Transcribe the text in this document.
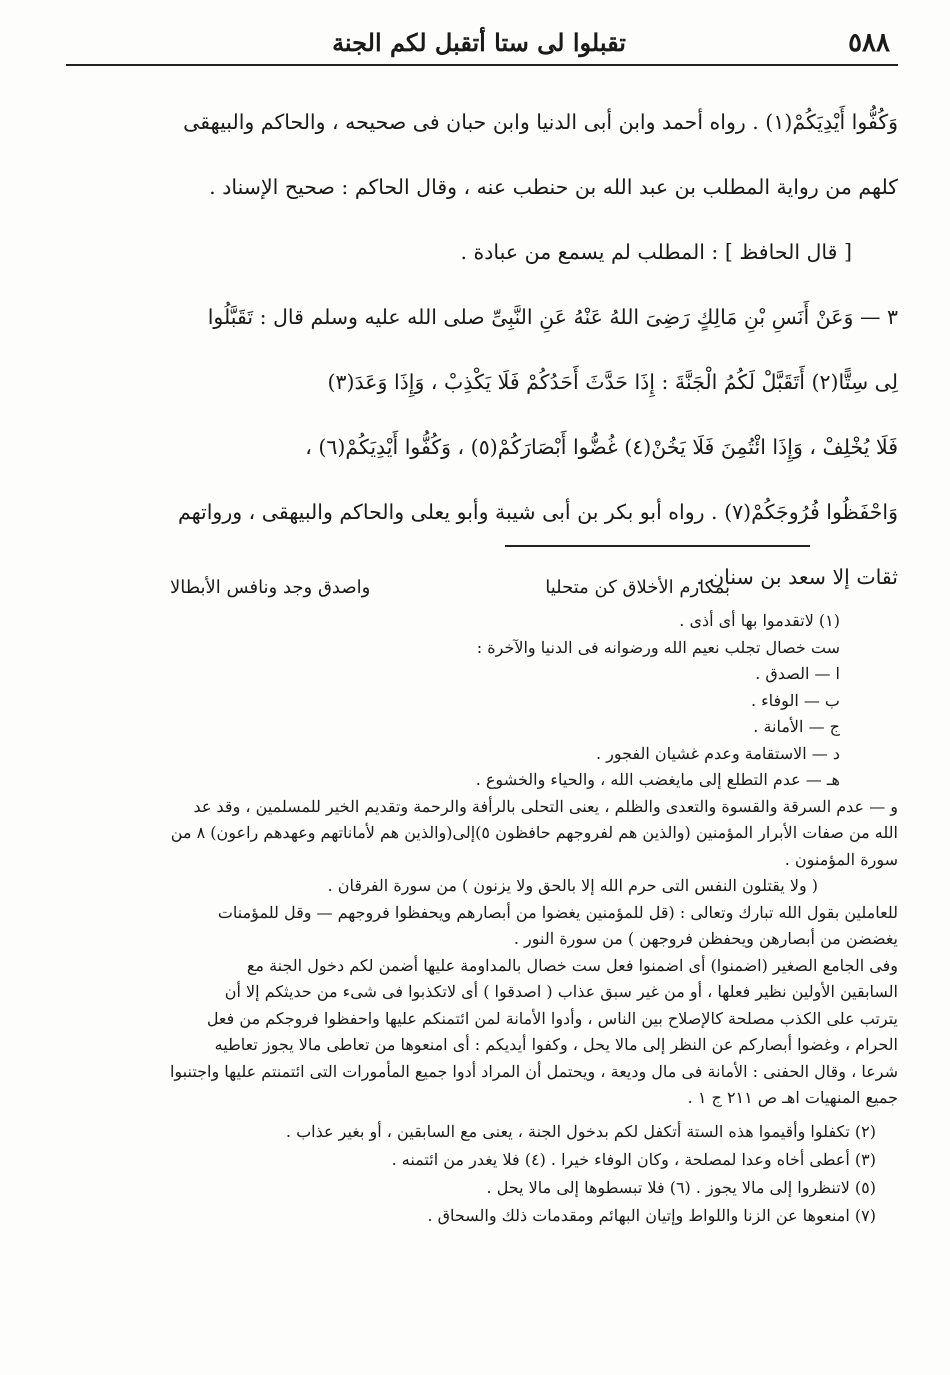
٥٨٨
تقبلوا لى ستا أتقبل لكم الجنة

وَكُفُّوا أَيْدِيَكُمْ(١) . رواه أحمد وابن أبى الدنيا وابن حبان فى صحيحه ، والحاكم والبيهقى

كلهم من رواية المطلب بن عبد الله بن حنطب عنه ، وقال الحاكم : صحيح الإسناد .

[ قال الحافظ ] : المطلب لم يسمع من عبادة .

٣ — وَعَنْ أَنَسِ بْنِ مَالِكٍ رَضِىَ اللهُ عَنْهُ عَنِ النَّبِىِّ صلى الله عليه وسلم قال : تَقَبَّلُوا

لِى سِتًّا(٢) أَتَقَبَّلْ لَكُمُ الْجَنَّةَ : إِذَا حَدَّثَ أَحَدُكُمْ فَلَا يَكْذِبْ ، وَإِذَا وَعَدَ(٣)

فَلَا يُخْلِفْ ، وَإِذَا ائْتُمِنَ فَلَا يَخُنْ(٤) غُضُّوا أَبْصَارَكُمْ(٥) ، وَكُفُّوا أَيْدِيَكُمْ(٦) ،

وَاحْفَظُوا فُرُوجَكُمْ(٧) . رواه أبو بكر بن أبى شيبة وأبو يعلى والحاكم والبيهقى ، ورواتهم

ثقات إلا سعد بن سنان .

بمكارم الأخلاق كن متحليا
واصدق وجد ونافس الأبطالا
(١) لاتقدموا بها أى أذى .
ست خصال تجلب نعيم الله ورضوانه فى الدنيا والآخرة :
ا — الصدق .
ب — الوفاء .
ج — الأمانة .
د — الاستقامة وعدم غشيان الفجور .
هـ — عدم التطلع إلى مايغضب الله ، والحياء والخشوع .
و — عدم السرقة والقسوة والتعدى والظلم ، يعنى التحلى بالرأفة والرحمة وتقديم الخير للمسلمين ، وقد عد
الله من صفات الأبرار المؤمنين (والذين هم لفروجهم حافظون ٥)إلى(والذين هم لأماناتهم وعهدهم راعون) ٨ من
سورة المؤمنون .
( ولا يقتلون النفس التى حرم الله إلا بالحق ولا يزنون ) من سورة الفرقان .
للعاملين بقول الله تبارك وتعالى : (قل للمؤمنين يغضوا من أبصارهم ويحفظوا فروجهم — وقل للمؤمنات
يغضضن من أبصارهن ويحفظن فروجهن ) من سورة النور .
وفى الجامع الصغير (اضمنوا) أى اضمنوا فعل ست خصال بالمداومة عليها أضمن لكم دخول الجنة مع
السابقين الأولين نظير فعلها ، أو من غير سبق عذاب ( اصدقوا ) أى لاتكذبوا فى شىء من حديثكم إلا أن
يترتب على الكذب مصلحة كالإصلاح بين الناس ، وأدوا الأمانة لمن ائتمنكم عليها واحفظوا فروجكم من فعل
الحرام ، وغضوا أبصاركم عن النظر إلى مالا يحل ، وكفوا أيديكم : أى امنعوها من تعاطى مالا يجوز تعاطيه
شرعا ، وقال الحفنى : الأمانة فى مال وديعة ، ويحتمل أن المراد أدوا جميع المأمورات التى ائتمنتم عليها واجتنبوا
جميع المنهيات اهـ ص ٢١١ ج ١ .
(٢) تكفلوا وأقيموا هذه الستة أتكفل لكم بدخول الجنة ، يعنى مع السابقين ، أو بغير عذاب .
(٣) أعطى أخاه وعدا لمصلحة ، وكان الوفاء خيرا . (٤) فلا يغدر من ائتمنه .
(٥) لاتنظروا إلى مالا يجوز . (٦) فلا تبسطوها إلى مالا يحل .
(٧) امنعوها عن الزنا واللواط وإتيان البهائم ومقدمات ذلك والسحاق .
